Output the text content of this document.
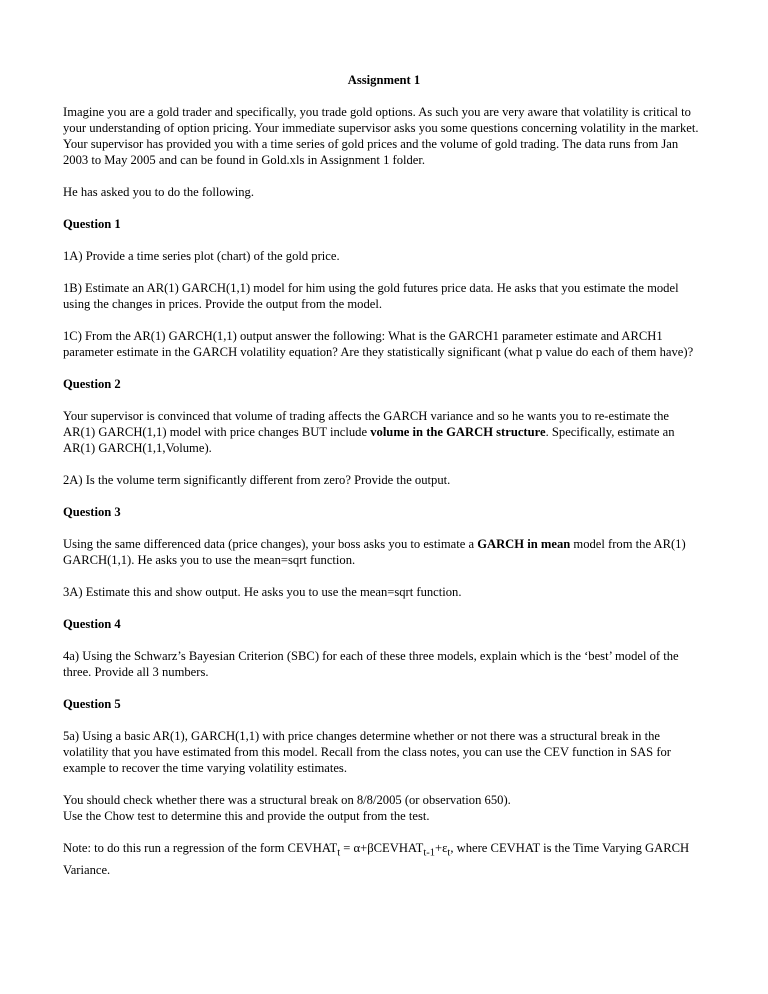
Assignment 1

Imagine you are a gold trader and specifically, you trade gold options. As such you are very aware that volatility is critical to your understanding of option pricing. Your immediate supervisor asks you some questions concerning volatility in the market. Your supervisor has provided you with a time series of gold prices and the volume of gold trading. The data runs from Jan 2003 to May 2005 and can be found in Gold.xls in Assignment 1 folder.

He has asked you to do the following.

Question 1

1A) Provide a time series plot (chart) of the gold price.

1B) Estimate an AR(1) GARCH(1,1) model for him using the gold futures price data. He asks that you estimate the model using the changes in prices. Provide the output from the model.

1C) From the AR(1) GARCH(1,1) output answer the following: What is the GARCH1 parameter estimate and ARCH1 parameter estimate in the GARCH volatility equation? Are they statistically significant (what p value do each of them have)?

Question 2

Your supervisor is convinced that volume of trading affects the GARCH variance and so he wants you to re-estimate the AR(1) GARCH(1,1) model with price changes BUT include volume in the GARCH structure. Specifically, estimate an AR(1) GARCH(1,1,Volume).

2A) Is the volume term significantly different from zero? Provide the output.

Question 3

Using the same differenced data (price changes), your boss asks you to estimate a GARCH in mean model from the AR(1) GARCH(1,1). He asks you to use the mean=sqrt function.

3A) Estimate this and show output. He asks you to use the mean=sqrt function.

Question 4

4a) Using the Schwarz’s Bayesian Criterion (SBC) for each of these three models, explain which is the ‘best’ model of the three. Provide all 3 numbers.

Question 5

5a) Using a basic AR(1), GARCH(1,1) with price changes determine whether or not there was a structural break in the volatility that you have estimated from this model. Recall from the class notes, you can use the CEV function in SAS for example to recover the time varying volatility estimates.

You should check whether there was a structural break on 8/8/2005 (or observation 650).

Use the Chow test to determine this and provide the output from the test.

Note: to do this run a regression of the form $CEVHAT_t$ = $\alpha+\beta CEVHAT_{t-1}+\varepsilon_t$, where CEVHAT is the Time Varying GARCH Variance.
